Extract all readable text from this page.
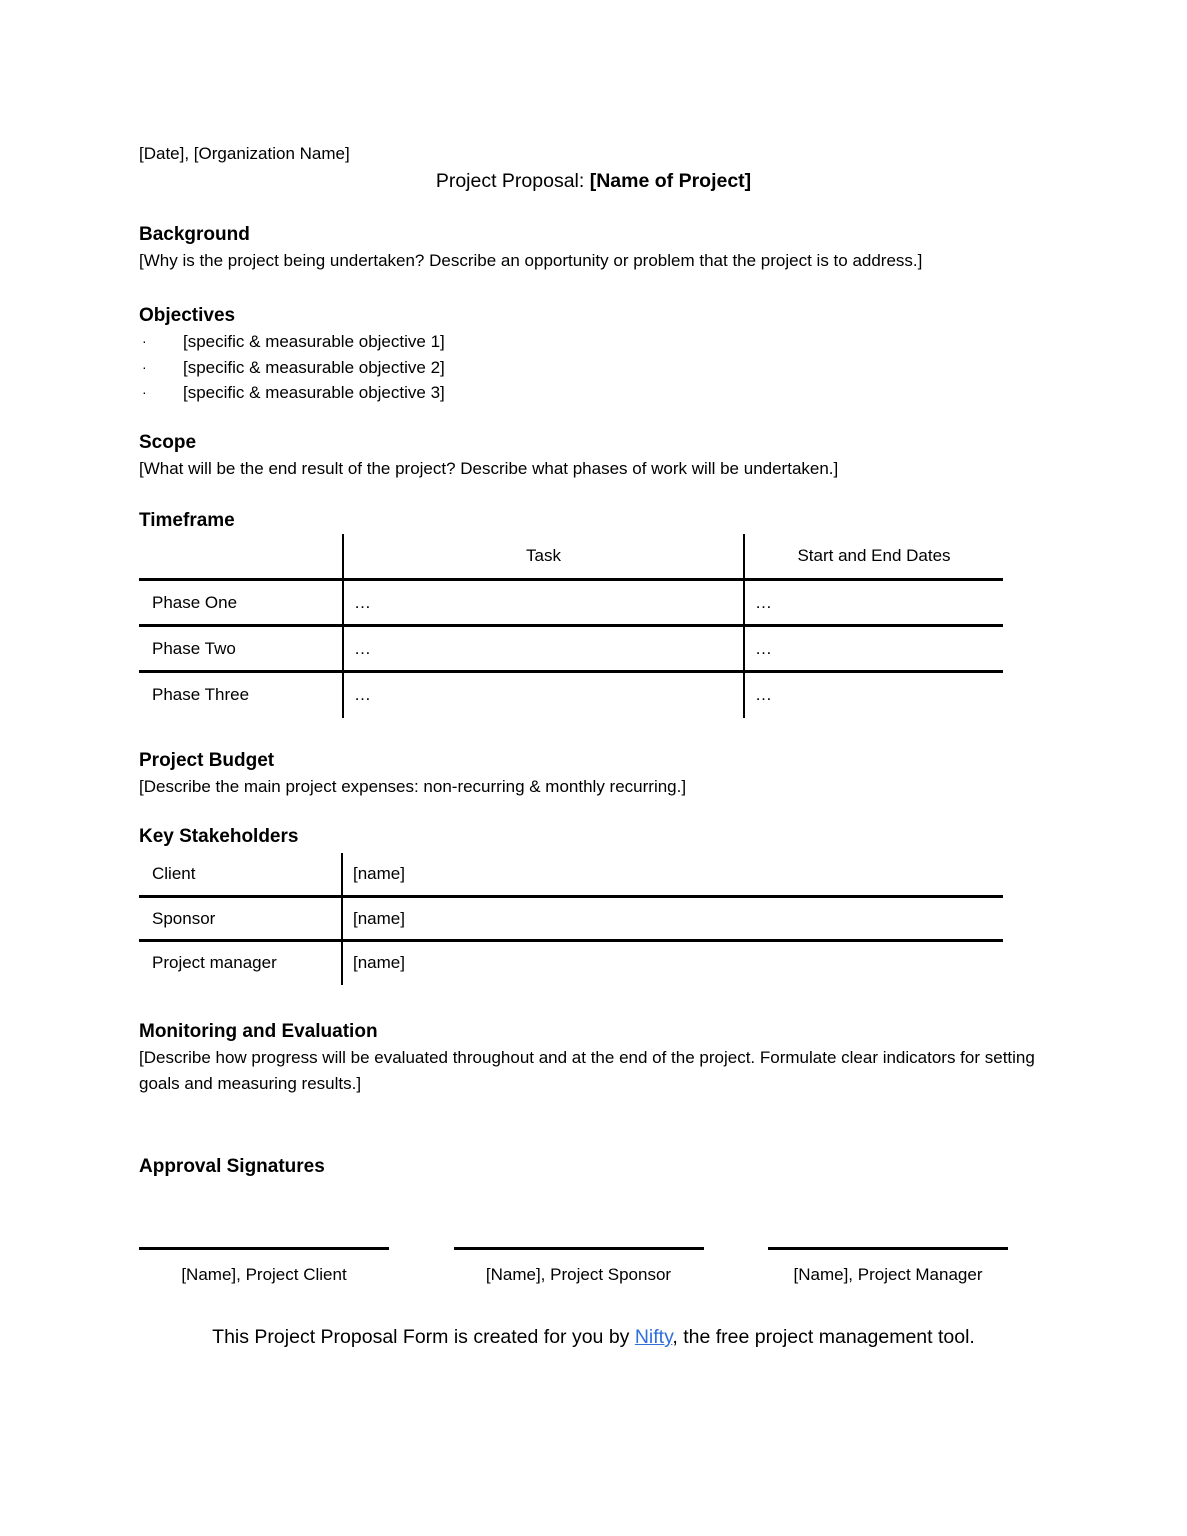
[Date], [Organization Name]
Project Proposal: [Name of Project]
Background
[Why is the project being undertaken? Describe an opportunity or problem that the project is to address.]
Objectives
·	[specific & measurable objective 1]
·	[specific & measurable objective 2]
·	[specific & measurable objective 3]
Scope
[What will be the end result of the project? Describe what phases of work will be undertaken.]
Timeframe
	Task	Start and End Dates
Phase One	…	…
Phase Two	…	…
Phase Three	…	…
Project Budget
[Describe the main project expenses: non-recurring & monthly recurring.]
Key Stakeholders
Client	[name]
Sponsor	[name]
Project manager	[name]
Monitoring and Evaluation
[Describe how progress will be evaluated throughout and at the end of the project. Formulate clear indicators for setting goals and measuring results.]
Approval Signatures
[Name], Project Client	[Name], Project Sponsor	[Name], Project Manager
This Project Proposal Form is created for you by Nifty, the free project management tool.
